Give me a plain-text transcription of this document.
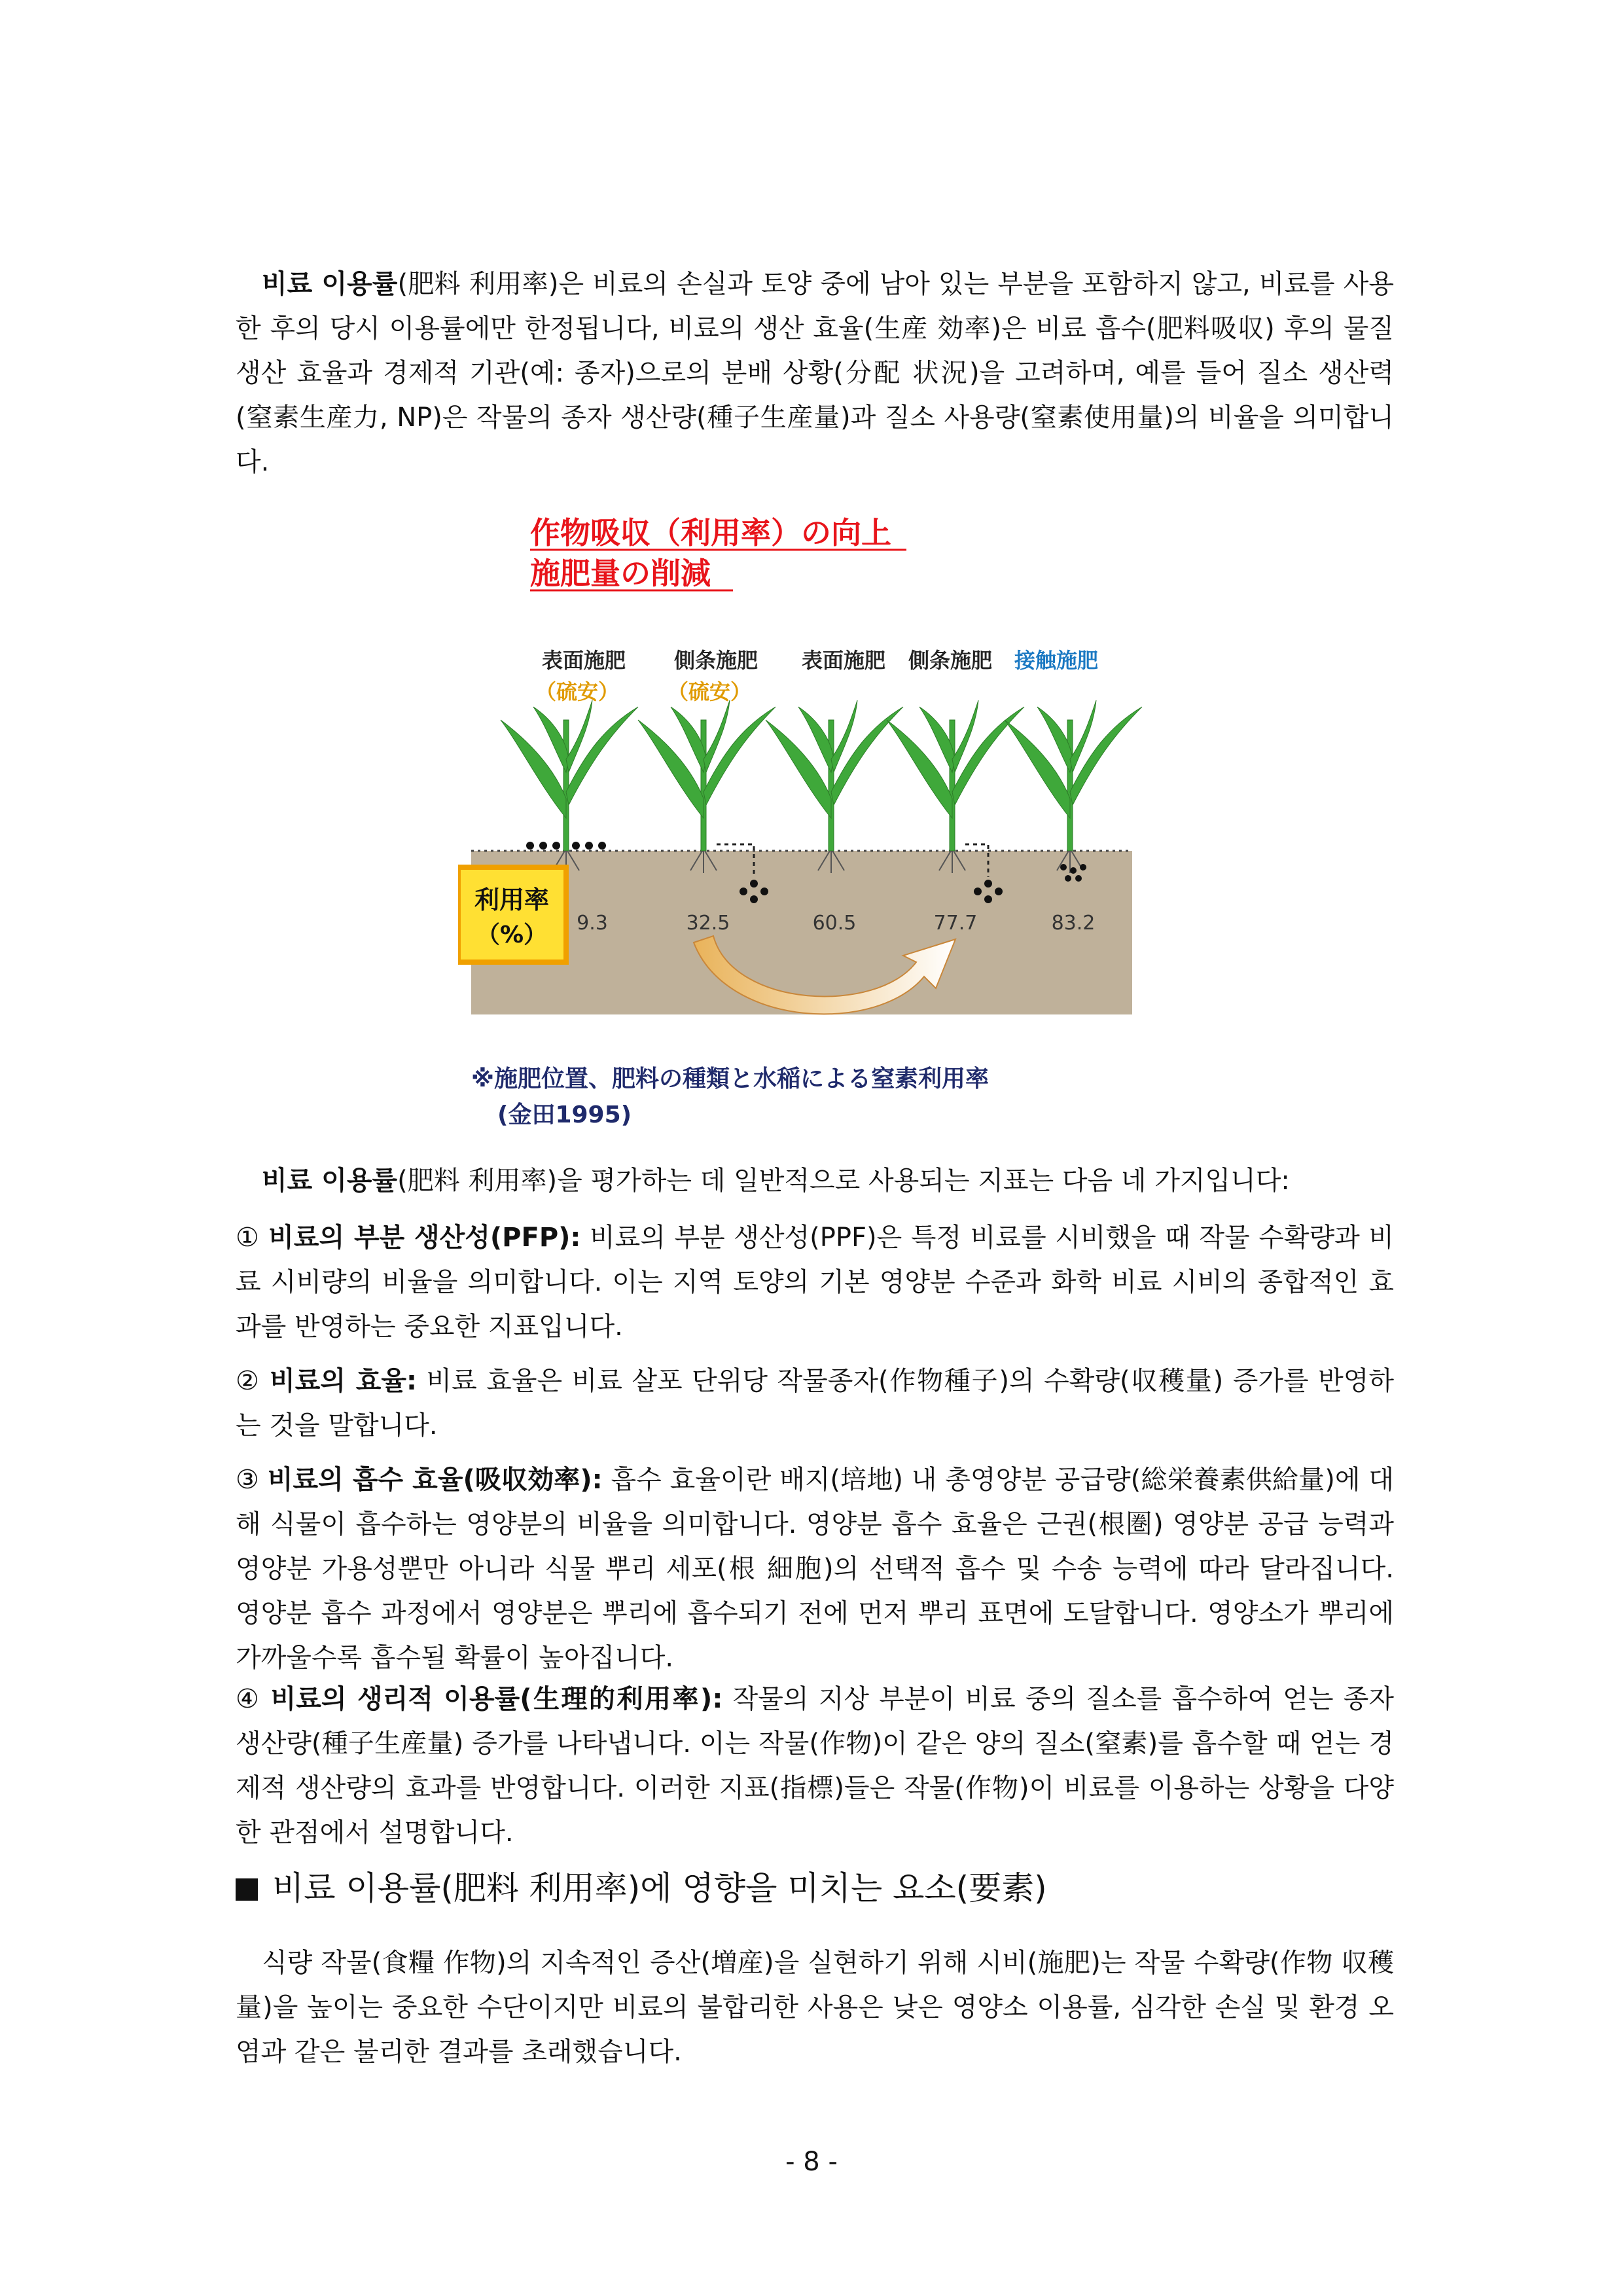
비료 이용률(肥料 利用率)은 비료의 손실과 토양 중에 남아 있는 부분을 포함하지 않고, 비료를 사용한 후의 당시 이용률에만 한정됩니다, 비료의 생산 효율(生産 効率)은 비료 흡수(肥料吸収) 후의 물질 생산 효율과 경제적 기관(예: 종자)으로의 분배 상황(分配 状況)을 고려하며, 예를 들어 질소 생산력(窒素生産力, NP)은 작물의 종자 생산량(種子生産量)과 질소 사용량(窒素使用量)의 비율을 의미합니다.
作物吸収（利用率）の向上
施肥量の削減
表面施肥
（硫安）
側条施肥
（硫安）
表面施肥 側条施肥 接触施肥
利用率
（%） 9.3	32.5	60.5	77.7	83.2
※施肥位置、肥料の種類と水稲による窒素利用率
(金田1995)
비료 이용률(肥料 利用率)을 평가하는 데 일반적으로 사용되는 지표는 다음 네 가지입니다:
① 비료의 부분 생산성(PFP): 비료의 부분 생산성(PPF)은 특정 비료를 시비했을 때 작물 수확량과 비료 시비량의 비율을 의미합니다. 이는 지역 토양의 기본 영양분 수준과 화학 비료 시비의 종합적인 효과를 반영하는 중요한 지표입니다.
② 비료의 효율: 비료 효율은 비료 살포 단위당 작물종자(作物種子)의 수확량(収穫量) 증가를 반영하는 것을 말합니다.
③ 비료의 흡수 효율(吸収効率): 흡수 효율이란 배지(培地) 내 총영양분 공급량(総栄養素供給量)에 대해 식물이 흡수하는 영양분의 비율을 의미합니다. 영양분 흡수 효율은 근권(根圏) 영양분 공급 능력과 영양분 가용성뿐만 아니라 식물 뿌리 세포(根 細胞)의 선택적 흡수 및 수송 능력에 따라 달라집니다. 영양분 흡수 과정에서 영양분은 뿌리에 흡수되기 전에 먼저 뿌리 표면에 도달합니다. 영양소가 뿌리에 가까울수록 흡수될 확률이 높아집니다.
④ 비료의 생리적 이용률(生理的利用率): 작물의 지상 부분이 비료 중의 질소를 흡수하여 얻는 종자 생산량(種子生産量) 증가를 나타냅니다. 이는 작물(作物)이 같은 양의 질소(窒素)를 흡수할 때 얻는 경제적 생산량의 효과를 반영합니다. 이러한 지표(指標)들은 작물(作物)이 비료를 이용하는 상황을 다양한 관점에서 설명합니다.
비료 이용률(肥料 利用率)에 영향을 미치는 요소(要素)
식량 작물(食糧 作物)의 지속적인 증산(増産)을 실현하기 위해 시비(施肥)는 작물 수확량(作物 収穫量)을 높이는 중요한 수단이지만 비료의 불합리한 사용은 낮은 영양소 이용률, 심각한 손실 및 환경 오염과 같은 불리한 결과를 초래했습니다.
- 8 -
